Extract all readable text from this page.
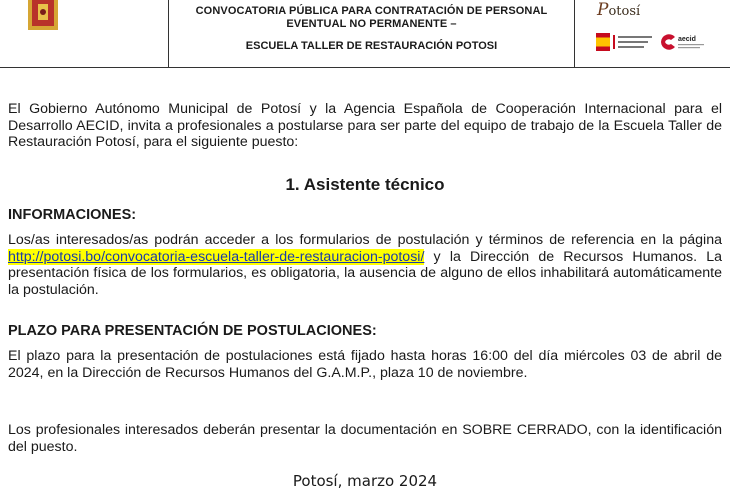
CONVOCATORIA PÚBLICA PARA CONTRATACIÓN DE PERSONAL
EVENTUAL NO PERMANENTE –
ESCUELA TALLER DE RESTAURACIÓN POTOSI
Potosí
aecid
El Gobierno Autónomo Municipal de Potosí y la Agencia Española de Cooperación Internacional para el Desarrollo AECID, invita a profesionales a postularse para ser parte del equipo de trabajo de la Escuela Taller de Restauración Potosí, para el siguiente puesto:
1. Asistente técnico
INFORMACIONES:
Los/as interesados/as podrán acceder a los formularios de postulación y términos de referencia en la página http://potosi.bo/convocatoria-escuela-taller-de-restauracion-potosi/ y la Dirección de Recursos Humanos. La presentación física de los formularios, es obligatoria, la ausencia de alguno de ellos inhabilitará automáticamente la postulación.
PLAZO PARA PRESENTACIÓN DE POSTULACIONES:
El plazo para la presentación de postulaciones está fijado hasta horas 16:00 del día miércoles 03 de abril de 2024, en la Dirección de Recursos Humanos del G.A.M.P., plaza 10 de noviembre.
Los profesionales interesados deberán presentar la documentación en SOBRE CERRADO, con la identificación del puesto.
Potosí, marzo 2024
